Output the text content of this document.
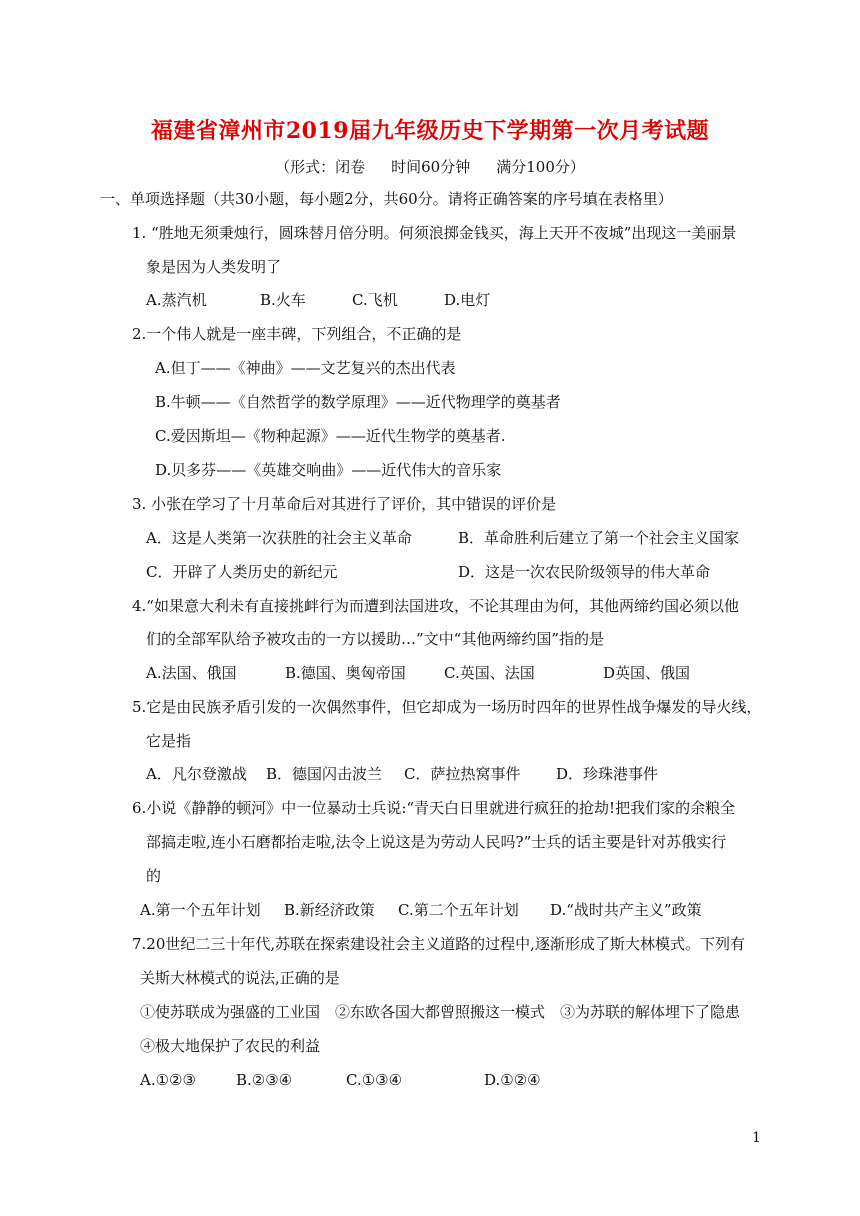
福建省漳州市2019届九年级历史下学期第一次月考试题
（形式：闭卷 时间60分钟 满分100分）
一、单项选择题（共30小题，每小题2分，共60分。请将正确答案的序号填在表格里）
1. “胜地无须秉烛行，圆珠替月倍分明。何须浪掷金钱买，海上天开不夜城”出现这一美丽景
象是因为人类发明了
A.蒸汽机	B.火车	C.飞机	D.电灯
2.一个伟人就是一座丰碑，下列组合，不正确的是
A.但丁——《神曲》——文艺复兴的杰出代表
B.牛顿——《自然哲学的数学原理》——近代物理学的奠基者
C.爱因斯坦—《物种起源》——近代生物学的奠基者.
D.贝多芬——《英雄交响曲》——近代伟大的音乐家
3. 小张在学习了十月革命后对其进行了评价，其中错误的评价是
A．这是人类第一次获胜的社会主义革命	B．革命胜利后建立了第一个社会主义国家
C．开辟了人类历史的新纪元	D．这是一次农民阶级领导的伟大革命
4.“如果意大利未有直接挑衅行为而遭到法国进攻，不论其理由为何，其他两缔约国必须以他
们的全部军队给予被攻击的一方以援助…”文中“其他两缔约国”指的是
A.法国、俄国	B.德国、奥匈帝国	C.英国、法国	D英国、俄国
5.它是由民族矛盾引发的一次偶然事件，但它却成为一场历时四年的世界性战争爆发的导火线，
它是指
A．凡尔登激战 B．德国闪击波兰 C．萨拉热窝事件 D．珍珠港事件
6.小说《静静的顿河》中一位暴动士兵说:“青天白日里就进行疯狂的抢劫!把我们家的余粮全
部搞走啦,连小石磨都抬走啦,法令上说这是为劳动人民吗?”士兵的话主要是针对苏俄实行
的
A.第一个五年计划 B.新经济政策 C.第二个五年计划 D.“战时共产主义”政策
7.20世纪二三十年代,苏联在探索建设社会主义道路的过程中,逐渐形成了斯大林模式。下列有
关斯大林模式的说法,正确的是
①使苏联成为强盛的工业国　②东欧各国大都曾照搬这一模式　③为苏联的解体埋下了隐患
④极大地保护了农民的利益
A.①②③	B.②③④	C.①③④	D.①②④
1
